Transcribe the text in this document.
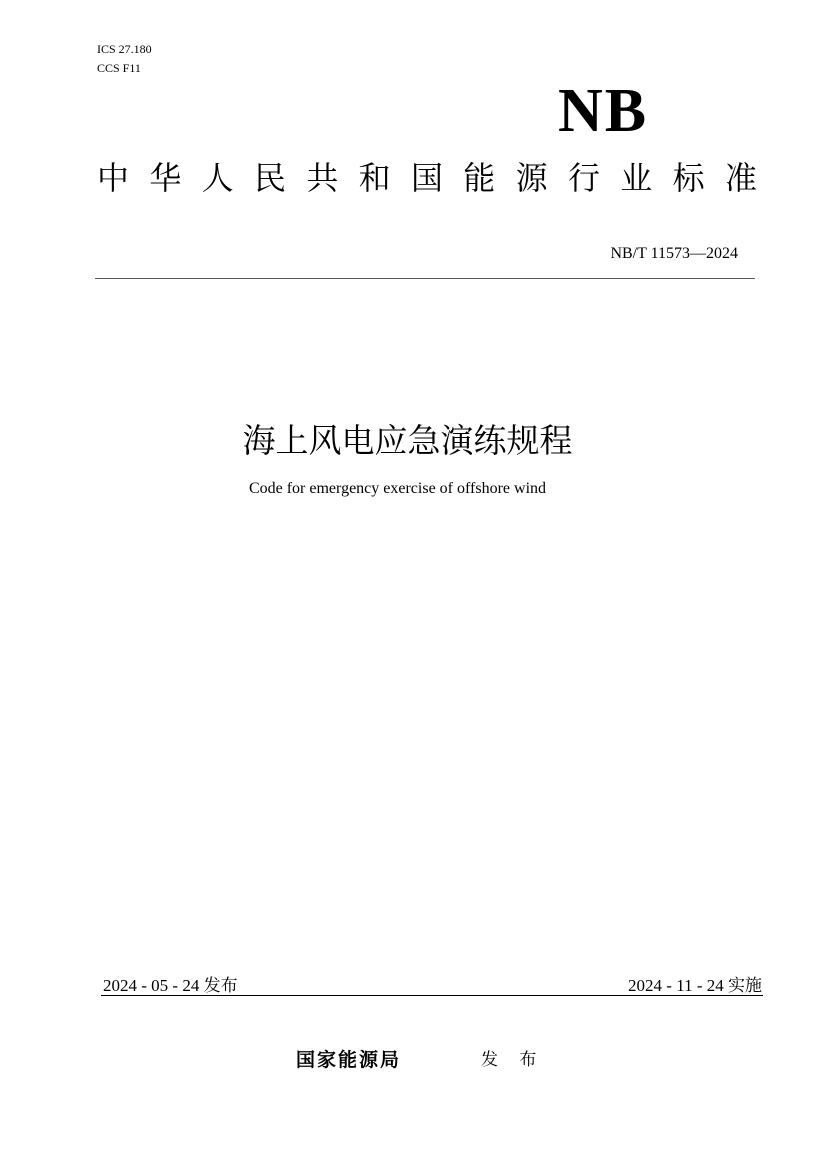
ICS 27.180
CCS F11
NB
中 华 人 民 共 和 国 能 源 行 业 标 准
NB/T 11573—2024
海上风电应急演练规程
Code for emergency exercise of offshore wind
2024 - 05 - 24 发布	2024 - 11 - 24 实施
国家能源局	发 布
